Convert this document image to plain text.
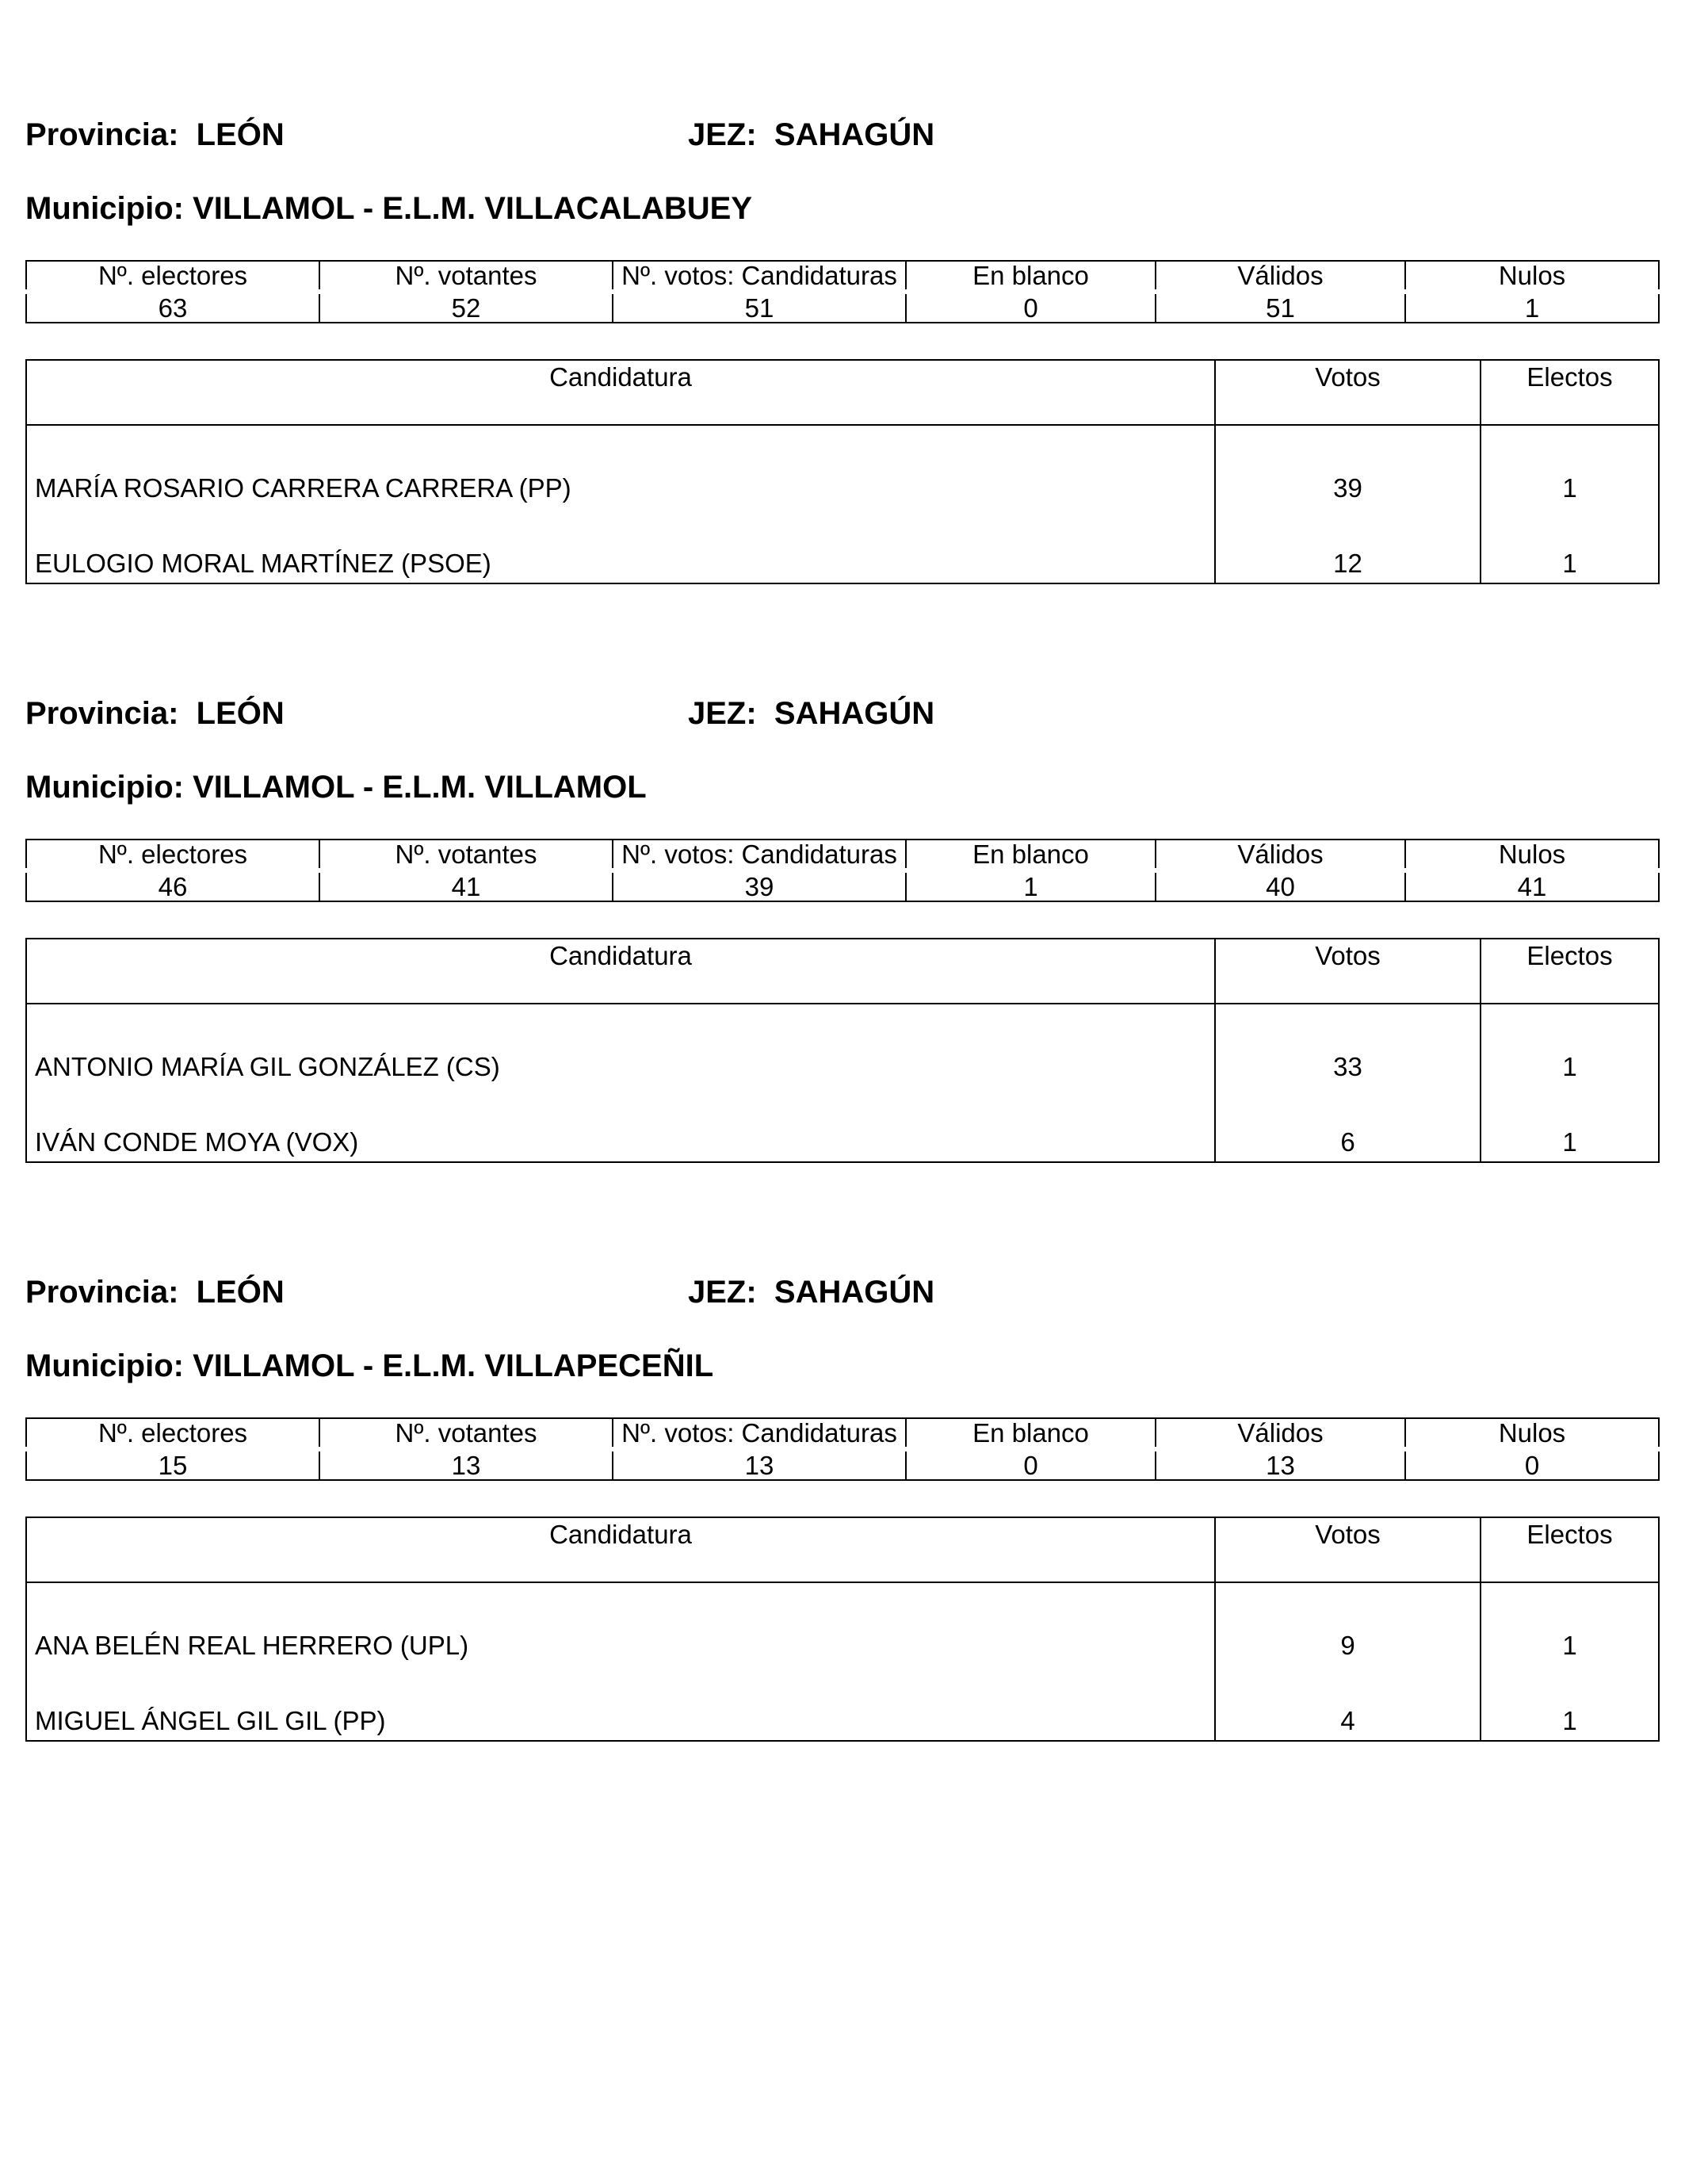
Provincia: LEÓN	JEZ: SAHAGÚN
Municipio: VILLAMOL - E.L.M. VILLACALABUEY
Nº. electores	Nº. votantes	Nº. votos: Candidaturas	En blanco	Válidos	Nulos
63	52	51	0	51	1
Candidatura	Votos	Electos
MARÍA ROSARIO CARRERA CARRERA (PP)	39	1
EULOGIO MORAL MARTÍNEZ (PSOE)	12	1
Provincia: LEÓN	JEZ: SAHAGÚN
Municipio: VILLAMOL - E.L.M. VILLAMOL
Nº. electores	Nº. votantes	Nº. votos: Candidaturas	En blanco	Válidos	Nulos
46	41	39	1	40	41
Candidatura	Votos	Electos
ANTONIO MARÍA GIL GONZÁLEZ (CS)	33	1
IVÁN CONDE MOYA (VOX)	6	1
Provincia: LEÓN	JEZ: SAHAGÚN
Municipio: VILLAMOL - E.L.M. VILLAPECEÑIL
Nº. electores	Nº. votantes	Nº. votos: Candidaturas	En blanco	Válidos	Nulos
15	13	13	0	13	0
Candidatura	Votos	Electos
ANA BELÉN REAL HERRERO (UPL)	9	1
MIGUEL ÁNGEL GIL GIL (PP)	4	1
